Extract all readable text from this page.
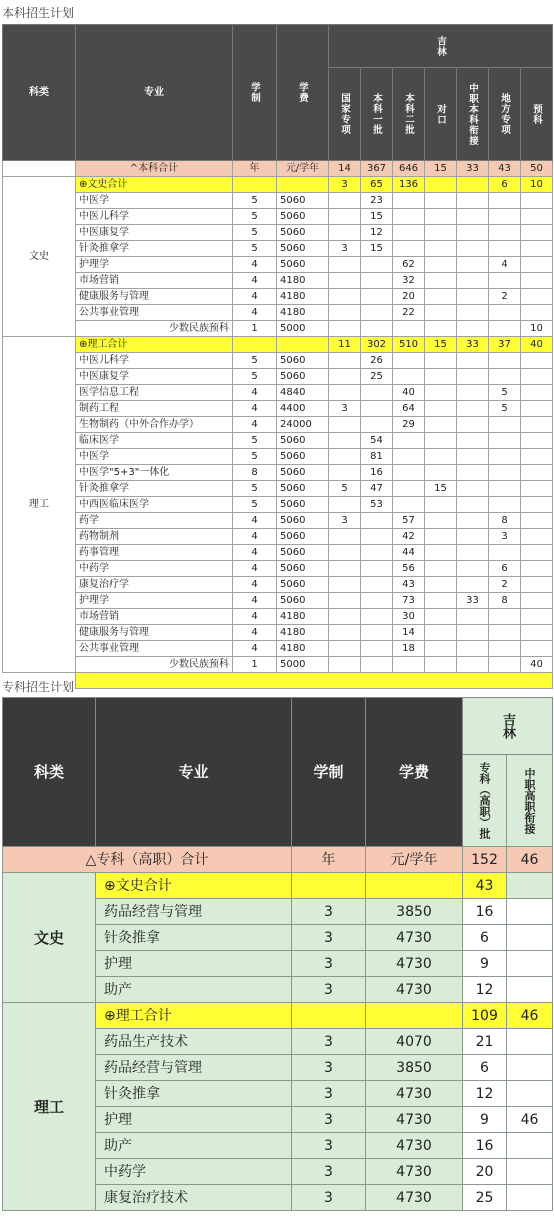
本科招生计划
科类	专业	学制	学费	吉林						

				国家专项	本科一批	本科二批	对口	中职本科衔接	地方专项	预科

	^本科合计	年	元/学年	14	367	646	15	33	43	50
文史	⊕文史合计			3	65	136			6	10
	中医学	5	5060		23					
	中医儿科学	5	5060		15					
	中医康复学	5	5060		12					
	针灸推拿学	5	5060	3	15					
	护理学	4	5060			62			4	
	市场营销	4	4180			32				
	健康服务与管理	4	4180			20			2	
	公共事业管理	4	4180			22				
	少数民族预科	1	5000							10
理工	⊕理工合计			11	302	510	15	33	37	40
	中医儿科学	5	5060		26					
	中医康复学	5	5060		25					
	医学信息工程	4	4840			40			5	
	制药工程	4	4400	3		64			5	
	生物制药（中外合作办学）	4	24000			29				
	临床医学	5	5060		54					
	中医学	5	5060		81					
	中医学"5+3"一体化	8	5060		16					
	针灸推拿学	5	5060	5	47		15			
	中西医临床医学	5	5060		53					
	药学	4	5060	3		57			8	
	药物制剂	4	5060			42			3	
	药事管理	4	5060			44				
	中药学	4	5060			56			6	
	康复治疗学	4	5060			43			2	
	护理学	4	5060			73		33	8	
	市场营销	4	4180			30				
	健康服务与管理	4	4180			14				
	公共事业管理	4	4180			18				
	少数民族预科	1	5000							40

专科招生计划
科类	专业	学制	学费	吉林	

				专科（高职）批	中职高职衔接

△专科（高职）合计		年	元/学年	152	46
文史	⊕文史合计			43	
	药品经营与管理	3	3850	16	
	针灸推拿	3	4730	6	
	护理	3	4730	9	
	助产	3	4730	12	
理工	⊕理工合计			109	46
	药品生产技术	3	4070	21	
	药品经营与管理	3	3850	6	
	针灸推拿	3	4730	12	
	护理	3	4730	9	46
	助产	3	4730	16	
	中药学	3	4730	20	
	康复治疗技术	3	4730	25	
